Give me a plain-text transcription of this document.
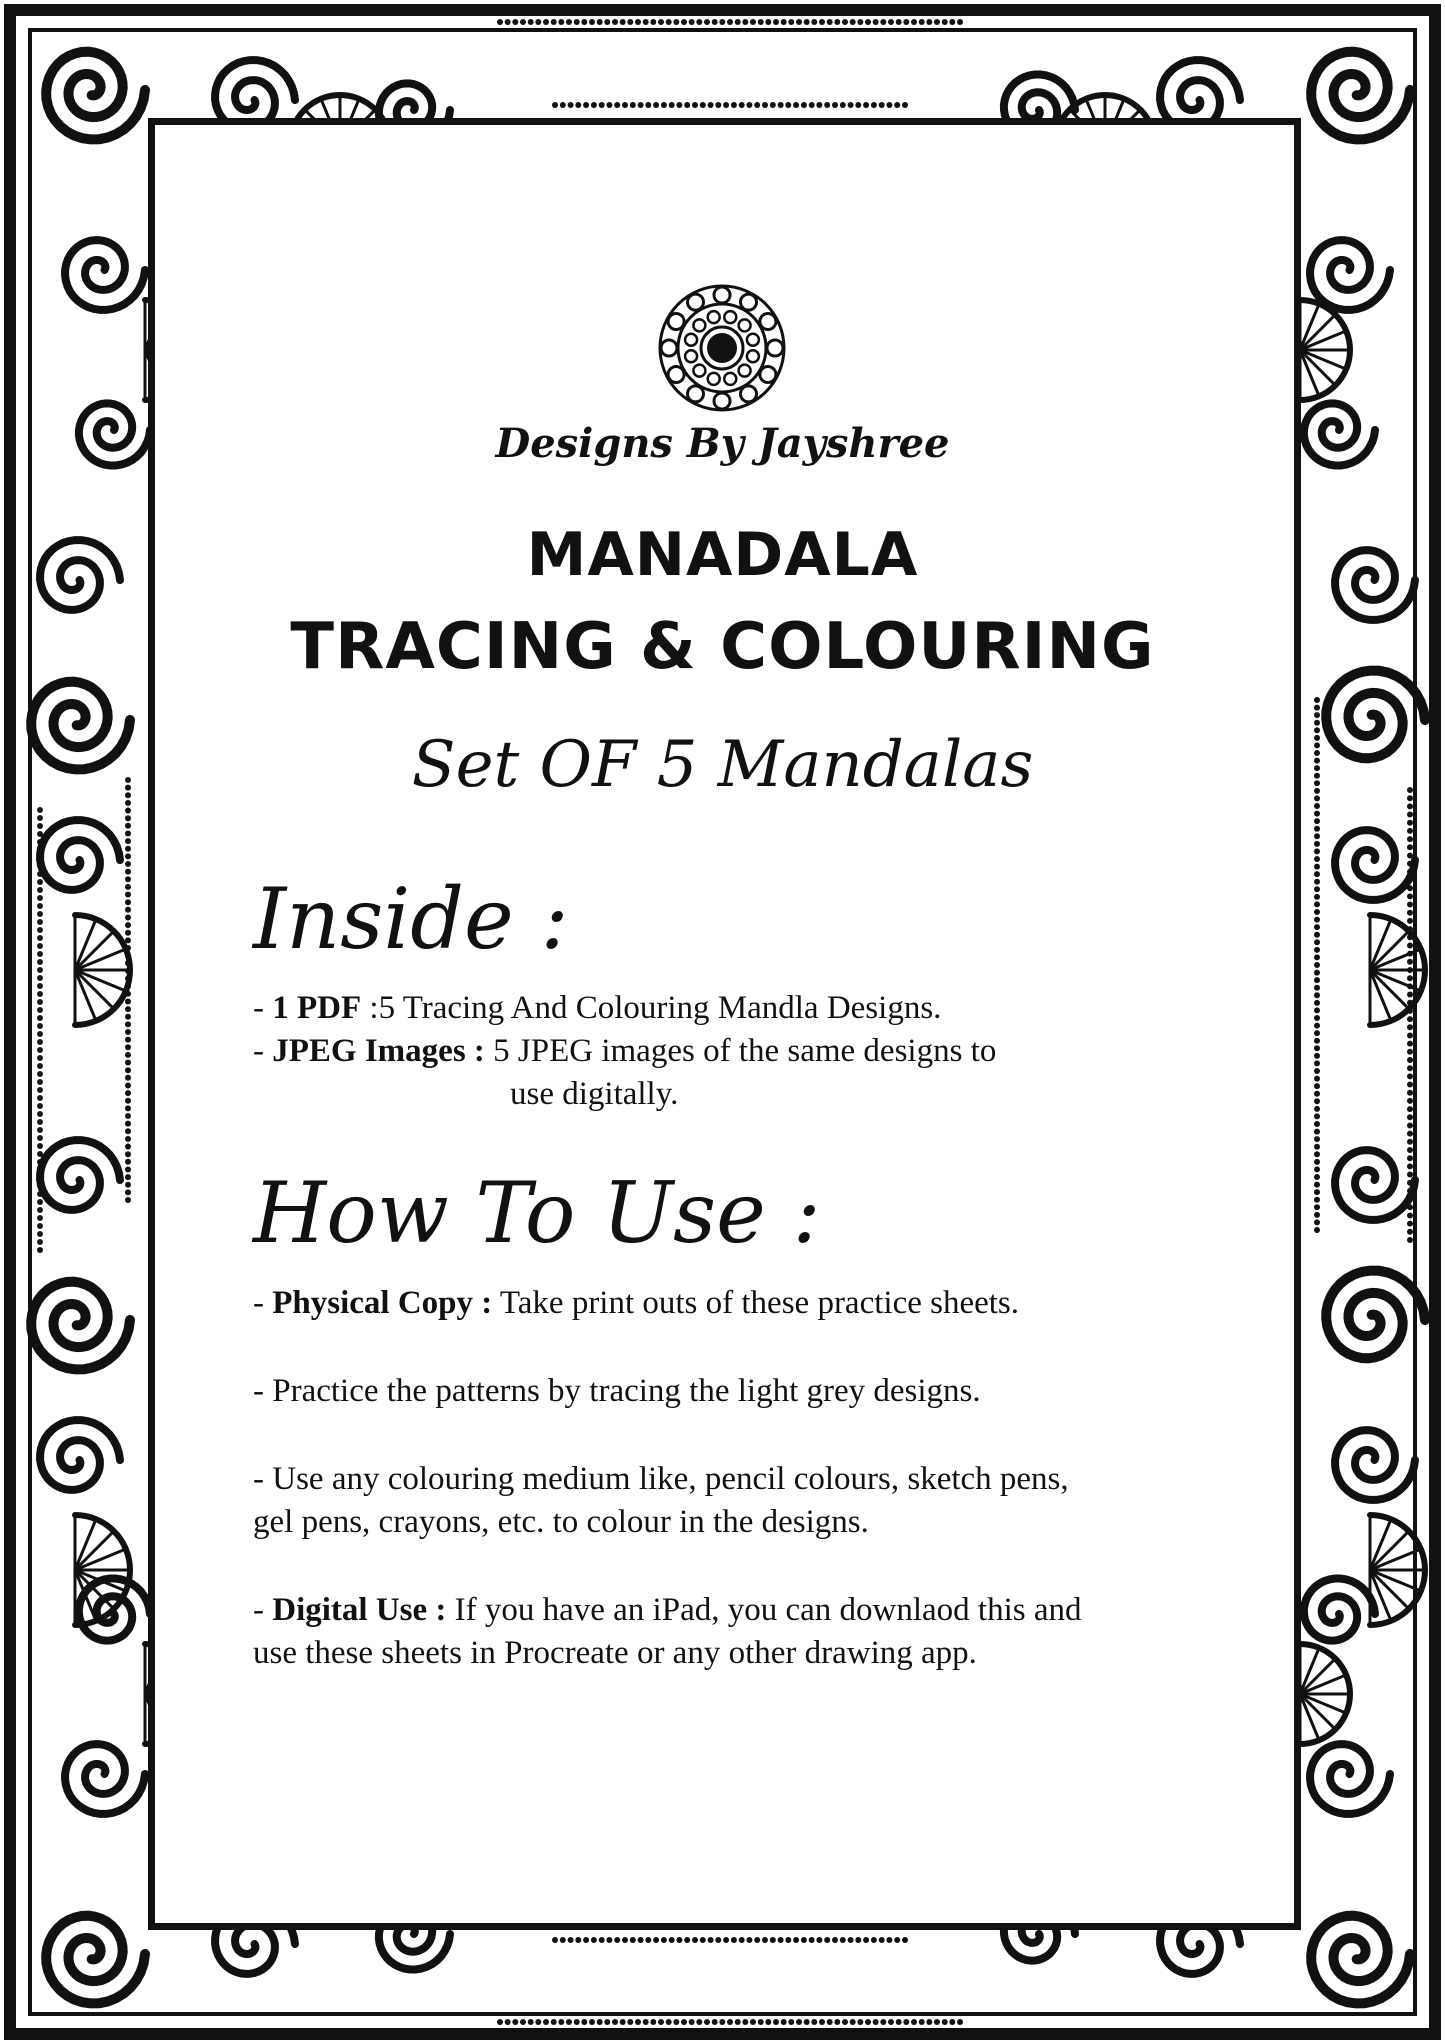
Designs By Jayshree
MANADALA
TRACING & COLOURING
Set OF 5 Mandalas
Inside :
- 1 PDF :5 Tracing And Colouring Mandla Designs.
- JPEG Images : 5 JPEG images of the same designs to
use digitally.
How To Use :
- Physical Copy : Take print outs of these practice sheets.
- Practice the patterns by tracing the light grey designs.
- Use any colouring medium like, pencil colours, sketch pens,
gel pens, crayons, etc. to colour in the designs.
- Digital Use : If you have an iPad, you can downlaod this and
use these sheets in Procreate or any other drawing app.
